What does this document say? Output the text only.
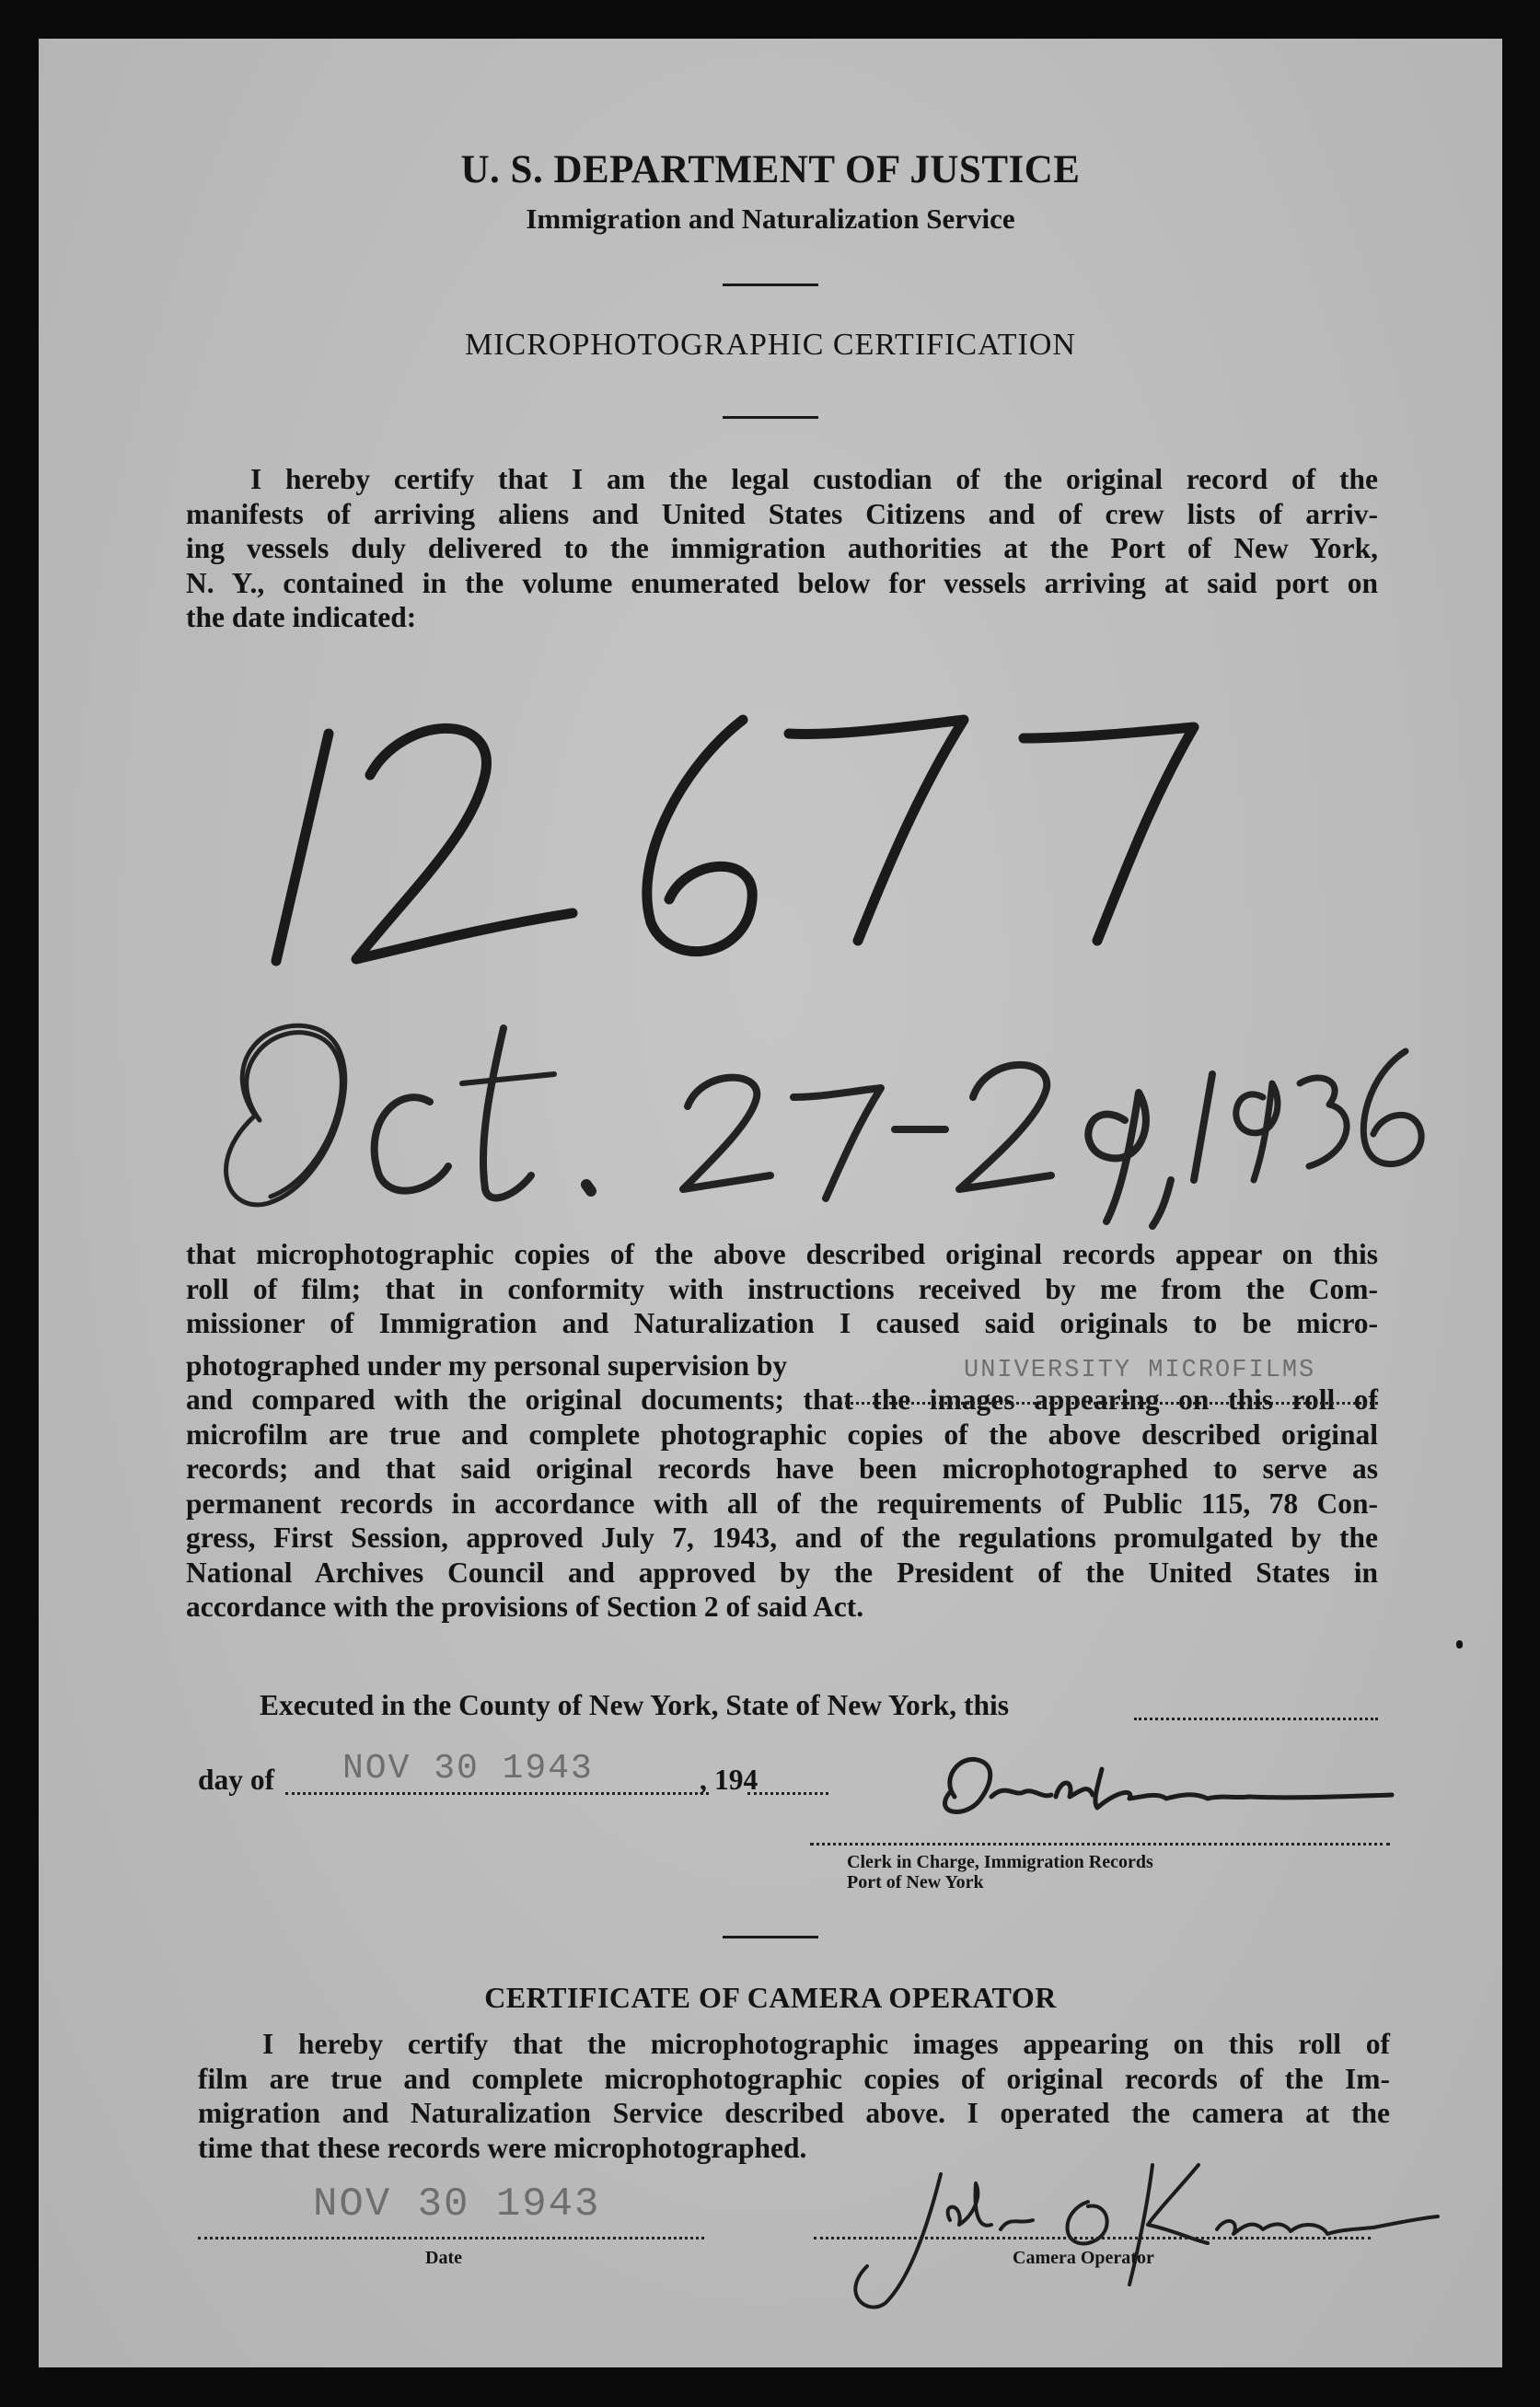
U. S. DEPARTMENT OF JUSTICE
Immigration and Naturalization Service
MICROPHOTOGRAPHIC CERTIFICATION
I hereby certify that I am the legal custodian of the original record of the
manifests of arriving aliens and United States Citizens and of crew lists of arriv-
ing vessels duly delivered to the immigration authorities at the Port of New York,
N. Y., contained in the volume enumerated below for vessels arriving at said port on
the date indicated:
that microphotographic copies of the above described original records appear on this
roll of film; that in conformity with instructions received by me from the Com-
missioner of Immigration and Naturalization I caused said originals to be micro-
photographed under my personal supervision by
and compared with the original documents; that the images appearing on this roll of
microfilm are true and complete photographic copies of the above described original
records; and that said original records have been microphotographed to serve as
permanent records in accordance with all of the requirements of Public 115, 78 Con-
gress, First Session, approved July 7, 1943, and of the regulations promulgated by the
National Archives Council and approved by the President of the United States in
accordance with the provisions of Section 2 of said Act.
UNIVERSITY MICROFILMS
Executed in the County of New York, State of New York, this
day of	194
,
NOV 30 1943
Clerk in Charge, Immigration Records
Port of New York
CERTIFICATE OF CAMERA OPERATOR
I hereby certify that the microphotographic images appearing on this roll of
film are true and complete microphotographic copies of original records of the Im-
migration and Naturalization Service described above. I operated the camera at the
time that these records were microphotographed.
NOV 30 1943
Date	Camera Operator
